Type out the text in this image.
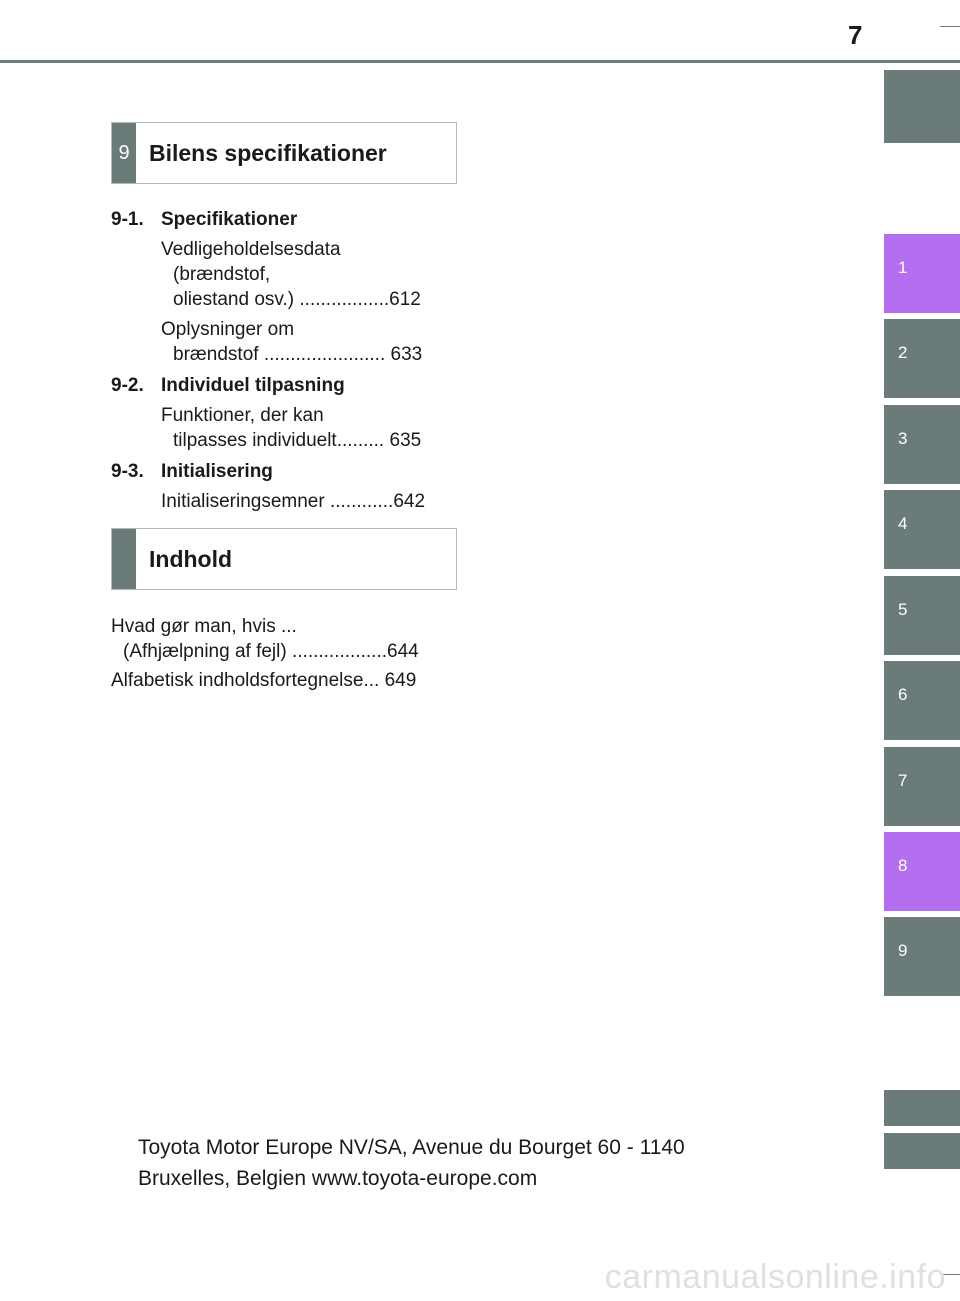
7
1
2
3
4
5
6
7
8
9
9 Bilens specifikationer
9-1. Specifikationer
Vedligeholdelsesdata
(brændstof,
oliestand osv.) .................612
Oplysninger om
brændstof ....................... 633
9-2. Individuel tilpasning
Funktioner, der kan
tilpasses individuelt......... 635
9-3. Initialisering
Initialiseringsemner ............642
Indhold
Hvad gør man, hvis ...
(Afhjælpning af fejl) ..................644
Alfabetisk indholdsfortegnelse... 649
Toyota Motor Europe NV/SA, Avenue du Bourget 60 - 1140
Bruxelles, Belgien www.toyota-europe.com
carmanualsonline.info
